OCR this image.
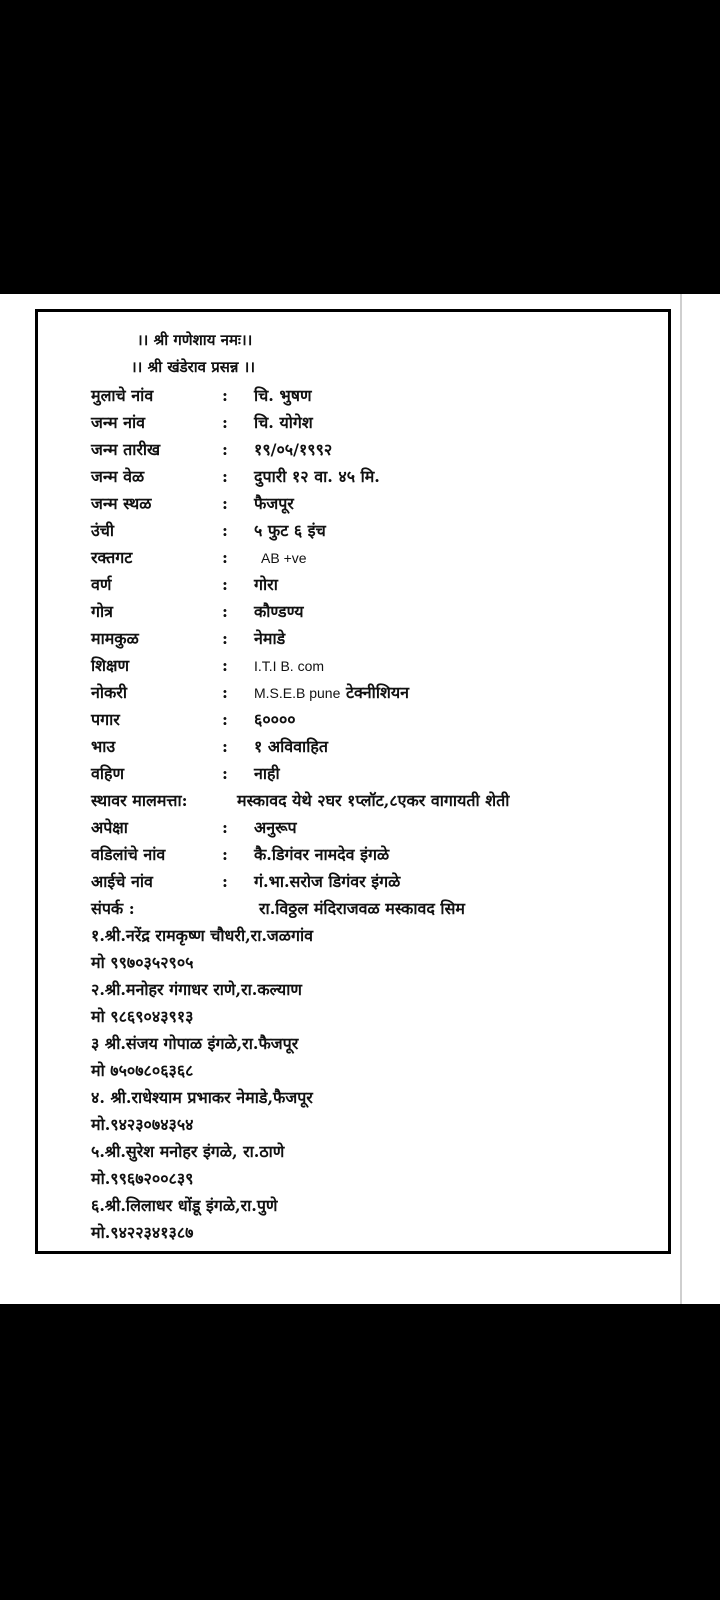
।। श्री गणेशाय नमः।।
।। श्री खंडेराव प्रसन्न ।।
मुलाचे नांव	: चि. भुषण
जन्म नांव	: चि. योगेश
जन्म तारीख	: १९/०५/१९९२
जन्म वेळ	: दुपारी १२ वा. ४५ मि.
जन्म स्थळ	: फैजपूर
उंची	: ५ फुट ६ इंच
रक्तगट	: AB +ve
वर्ण	: गोरा
गोत्र	: कौण्डण्य
मामकुळ	: नेमाडे
शिक्षण	: I.T.I B. com
नोकरी	: M.S.E.B pune टेक्नीशियन
पगार	: ६००००
भाउ	: १ अविवाहित
वहिण	: नाही
स्थावर मालमत्ता:	मस्कावद येथे २घर १प्लॉट,८एकर वागायती शेती
अपेक्षा	: अनुरूप
वडिलांचे नांव	: कै.डिगंवर नामदेव इंगळे
आईचे नांव	: गं.भा.सरोज डिगंवर इंगळे
संपर्क :	रा.विठ्ठल मंदिराजवळ मस्कावद सिम
१.श्री.नरेंद्र रामकृष्ण चौधरी,रा.जळगांव
मो ९९७०३५२९०५
२.श्री.मनोहर गंगाधर राणे,रा.कल्याण
मो ९८६९०४३९१३
३ श्री.संजय गोपाळ इंगळे,रा.फैजपूर
मो ७५०७८०६३६८
४. श्री.राधेश्याम प्रभाकर नेमाडे,फैजपूर
मो.९४२३०७४३५४
५.श्री.सुरेश मनोहर इंगळे, रा.ठाणे
मो.९९६७२००८३९
६.श्री.लिलाधर धोंडू इंगळे,रा.पुणे
मो.९४२२३४१३८७
